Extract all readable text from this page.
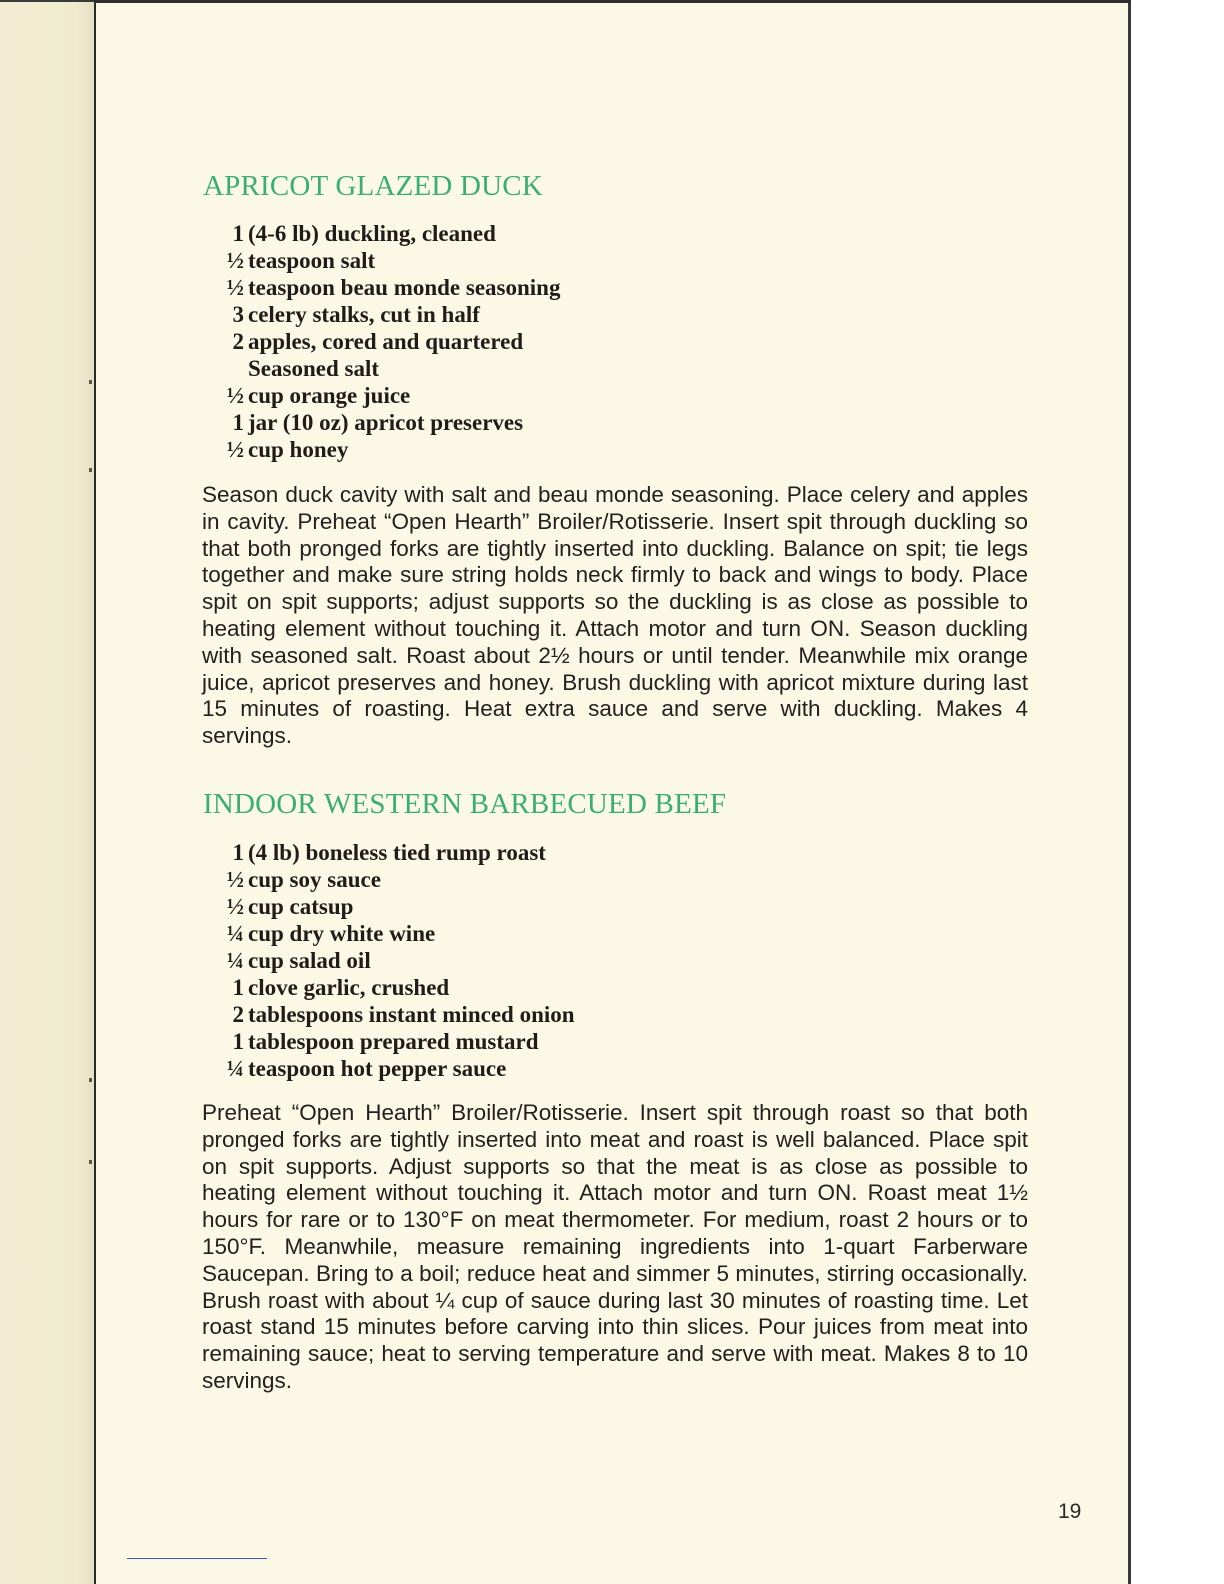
APRICOT GLAZED DUCK
1 (4-6 lb) duckling, cleaned
½ teaspoon salt
½ teaspoon beau monde seasoning
3 celery stalks, cut in half
2 apples, cored and quartered
Seasoned salt
½ cup orange juice
1 jar (10 oz) apricot preserves
½ cup honey

Season duck cavity with salt and beau monde seasoning. Place celery and apples in cavity. Preheat “Open Hearth” Broiler/Rotisserie. Insert spit through duckling so that both pronged forks are tightly inserted into duckling. Balance on spit; tie legs together and make sure string holds neck firmly to back and wings to body. Place spit on spit supports; adjust supports so the duckling is as close as possible to heating element without touching it. Attach motor and turn ON. Season duckling with seasoned salt. Roast about 2½ hours or until tender. Meanwhile mix orange juice, apricot preserves and honey. Brush duckling with apricot mixture during last 15 minutes of roasting. Heat extra sauce and serve with duckling. Makes 4 servings.

INDOOR WESTERN BARBECUED BEEF
1 (4 lb) boneless tied rump roast
½ cup soy sauce
½ cup catsup
¼ cup dry white wine
¼ cup salad oil
1 clove garlic, crushed
2 tablespoons instant minced onion
1 tablespoon prepared mustard
¼ teaspoon hot pepper sauce

Preheat “Open Hearth” Broiler/Rotisserie. Insert spit through roast so that both pronged forks are tightly inserted into meat and roast is well balanced. Place spit on spit supports. Adjust supports so that the meat is as close as possible to heating element without touching it. Attach motor and turn ON. Roast meat 1½ hours for rare or to 130°F on meat thermometer. For medium, roast 2 hours or to 150°F. Meanwhile, measure remaining ingredients into 1-quart Farberware Saucepan. Bring to a boil; reduce heat and simmer 5 minutes, stirring occasionally. Brush roast with about ¼ cup of sauce during last 30 minutes of roasting time. Let roast stand 15 minutes before carving into thin slices. Pour juices from meat into remaining sauce; heat to serving temperature and serve with meat. Makes 8 to 10 servings.

19
